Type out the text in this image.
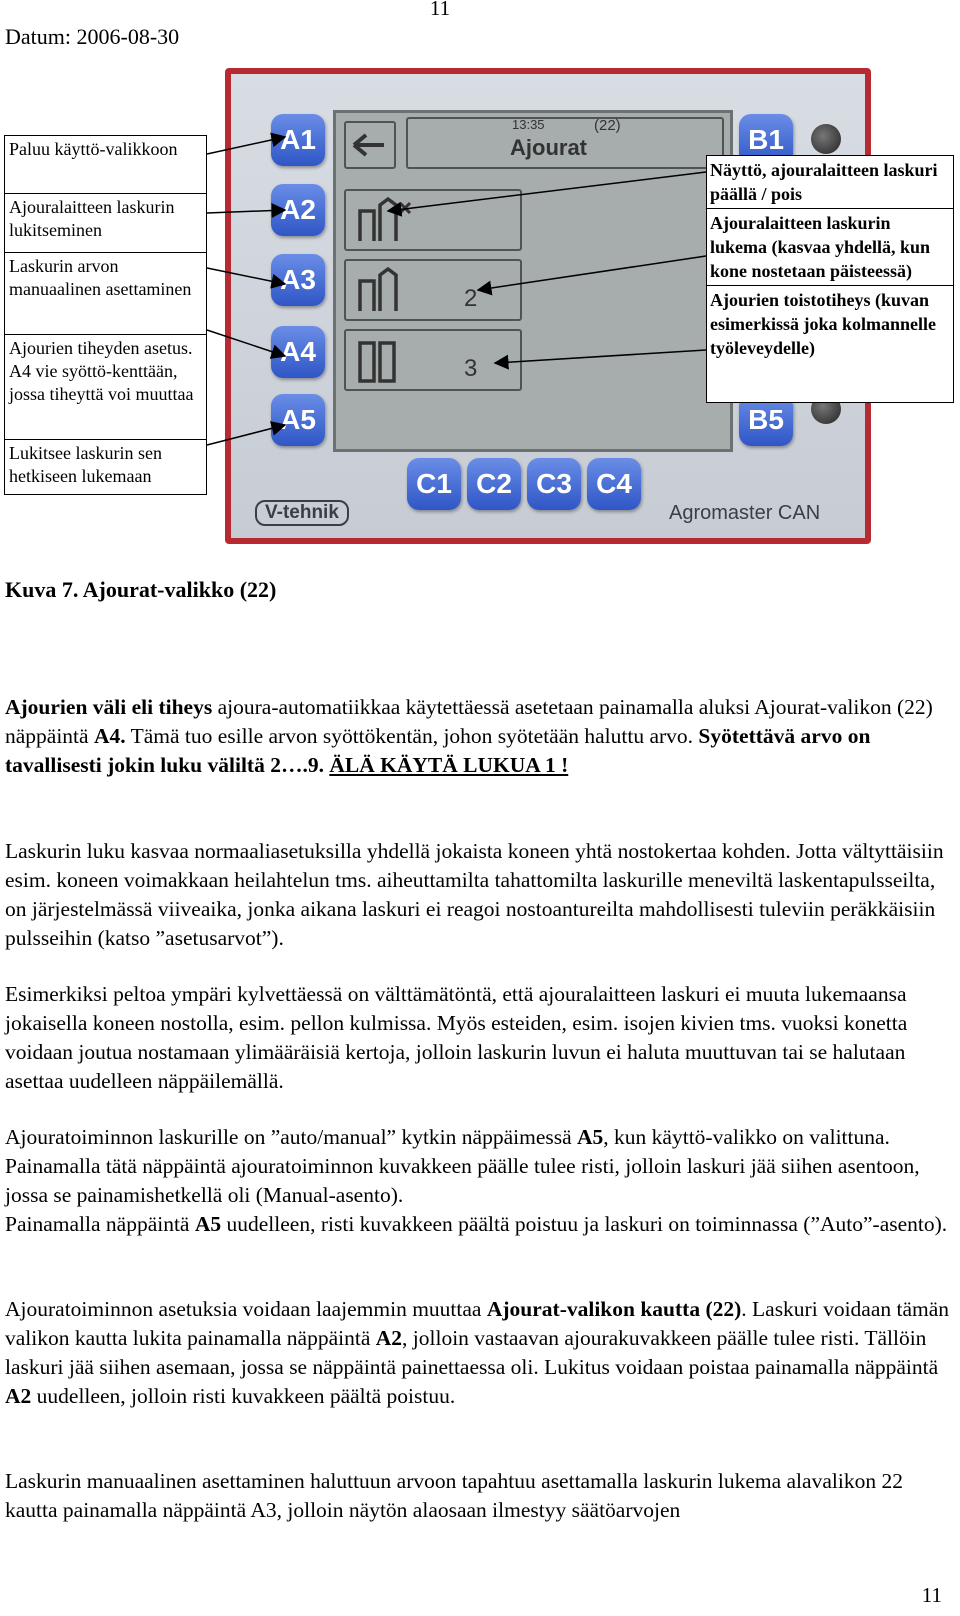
11
Datum: 2006-08-30
13:35	(22)
Ajourat
2
3
A1
A2
A3
A4
A5
B1
B5
C1 C2 C3 C4
V-tehnik	Agromaster CAN
Paluu käyttö-valikkoon
Ajouralaitteen laskurin lukitseminen
Laskurin arvon manuaalinen asettaminen
Ajourien tiheyden asetus. A4 vie syöttö-kenttään, jossa tiheyttä voi muuttaa
Lukitsee laskurin sen hetkiseen lukemaan
Näyttö, ajouralaitteen laskuri päällä / pois
Ajouralaitteen laskurin lukema (kasvaa yhdellä, kun kone nostetaan päisteessä)
Ajourien toistotiheys (kuvan esimerkissä joka kolmannelle työleveydelle)
Kuva 7. Ajourat-valikko (22)

Ajourien väli eli tiheys ajoura-automatiikkaa käytettäessä asetetaan painamalla aluksi Ajourat-valikon (22) näppäintä A4. Tämä tuo esille arvon syöttökentän, johon syötetään haluttu arvo. Syötettävä arvo on tavallisesti jokin luku väliltä 2….9. ÄLÄ KÄYTÄ LUKUA 1 !

Laskurin luku kasvaa normaaliasetuksilla yhdellä jokaista koneen yhtä nostokertaa kohden. Jotta vältyttäisiin esim. koneen voimakkaan heilahtelun tms. aiheuttamilta tahattomilta laskurille meneviltä laskentapulsseilta, on järjestelmässä viiveaika, jonka aikana laskuri ei reagoi nostoantureilta mahdollisesti tuleviin peräkkäisiin pulsseihin (katso ”asetusarvot”).
Esimerkiksi peltoa ympäri kylvettäessä on välttämätöntä, että ajouralaitteen laskuri ei muuta lukemaansa jokaisella koneen nostolla, esim. pellon kulmissa. Myös esteiden, esim. isojen kivien tms. vuoksi konetta voidaan joutua nostamaan ylimääräisiä kertoja, jolloin laskurin luvun ei haluta muuttuvan tai se halutaan asettaa uudelleen näppäilemällä.

Ajouratoiminnon laskurille on ”auto/manual” kytkin näppäimessä A5, kun käyttö-valikko on valittuna. Painamalla tätä näppäintä ajouratoiminnon kuvakkeen päälle tulee risti, jolloin laskuri jää siihen asentoon, jossa se painamishetkellä oli (Manual-asento).

Painamalla näppäintä A5 uudelleen, risti kuvakkeen päältä poistuu ja laskuri on toiminnassa (”Auto”-asento).

Ajouratoiminnon asetuksia voidaan laajemmin muuttaa Ajourat-valikon kautta (22). Laskuri voidaan tämän valikon kautta lukita painamalla näppäintä A2, jolloin vastaavan ajourakuvakkeen päälle tulee risti. Tällöin laskuri jää siihen asemaan, jossa se näppäintä painettaessa oli. Lukitus voidaan poistaa painamalla näppäintä A2 uudelleen, jolloin risti kuvakkeen päältä poistuu.

Laskurin manuaalinen asettaminen haluttuun arvoon tapahtuu asettamalla laskurin lukema alavalikon 22 kautta painamalla näppäintä A3, jolloin näytön alaosaan ilmestyy säätöarvojen
11
